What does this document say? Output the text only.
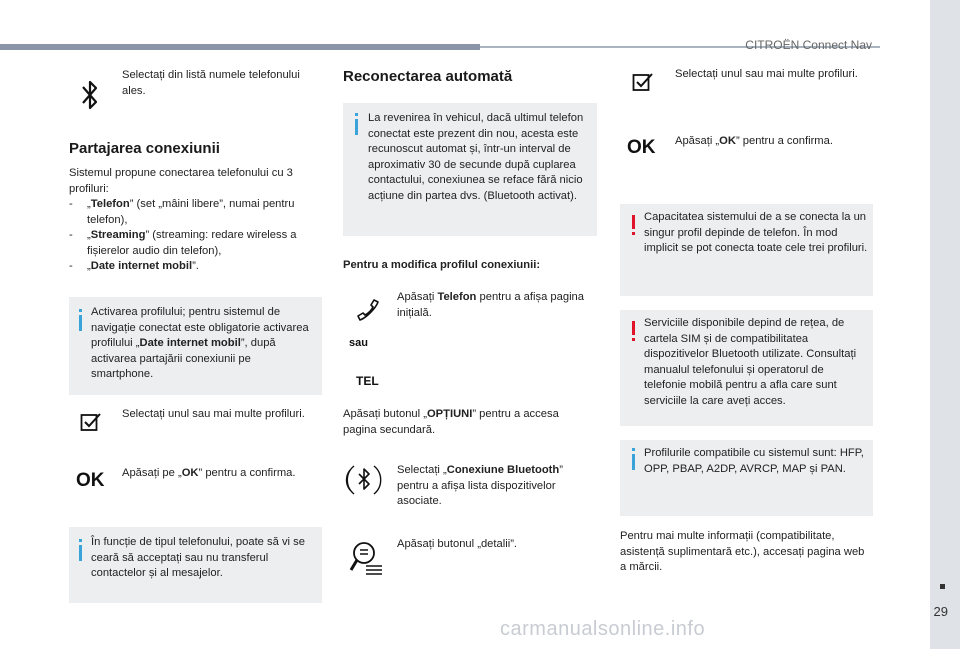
CITROËN Connect Nav
29
carmanualsonline.info
Selectați din listă numele telefonului ales.
Partajarea conexiunii
Sistemul propune conectarea telefonului cu 3 profiluri:
- „Telefon” (set „mâini libere”, numai pentru telefon),
- „Streaming” (streaming: redare wireless a fișierelor audio din telefon),
- „Date internet mobil”.
Activarea profilului; pentru sistemul de navigație conectat este obligatorie activarea profilului „Date internet mobil”, după activarea partajării conexiunii pe smartphone.
Selectați unul sau mai multe profiluri.
OK Apăsați pe „OK” pentru a confirma.
În funcție de tipul telefonului, poate să vi se ceară să acceptați sau nu transferul contactelor și al mesajelor.
Reconectarea automată
La revenirea în vehicul, dacă ultimul telefon conectat este prezent din nou, acesta este recunoscut automat și, într-un interval de aproximativ 30 de secunde după cuplarea contactului, conexiunea se reface fără nicio acțiune din partea dvs. (Bluetooth activat).
Pentru a modifica profilul conexiunii:
Apăsați Telefon pentru a afișa pagina inițială.
sau
TEL
Apăsați butonul „OPȚIUNI” pentru a accesa pagina secundară.
Selectați „Conexiune Bluetooth” pentru a afișa lista dispozitivelor asociate.
Apăsați butonul „detalii”.
Selectați unul sau mai multe profiluri.
OK Apăsați „OK” pentru a confirma.
Capacitatea sistemului de a se conecta la un singur profil depinde de telefon. În mod implicit se pot conecta toate cele trei profiluri.
Serviciile disponibile depind de rețea, de cartela SIM și de compatibilitatea dispozitivelor Bluetooth utilizate. Consultați manualul telefonului și operatorul de telefonie mobilă pentru a afla care sunt serviciile la care aveți acces.
Profilurile compatibile cu sistemul sunt: HFP, OPP, PBAP, A2DP, AVRCP, MAP și PAN.
Pentru mai multe informații (compatibilitate, asistență suplimentară etc.), accesați pagina web a mărcii.
